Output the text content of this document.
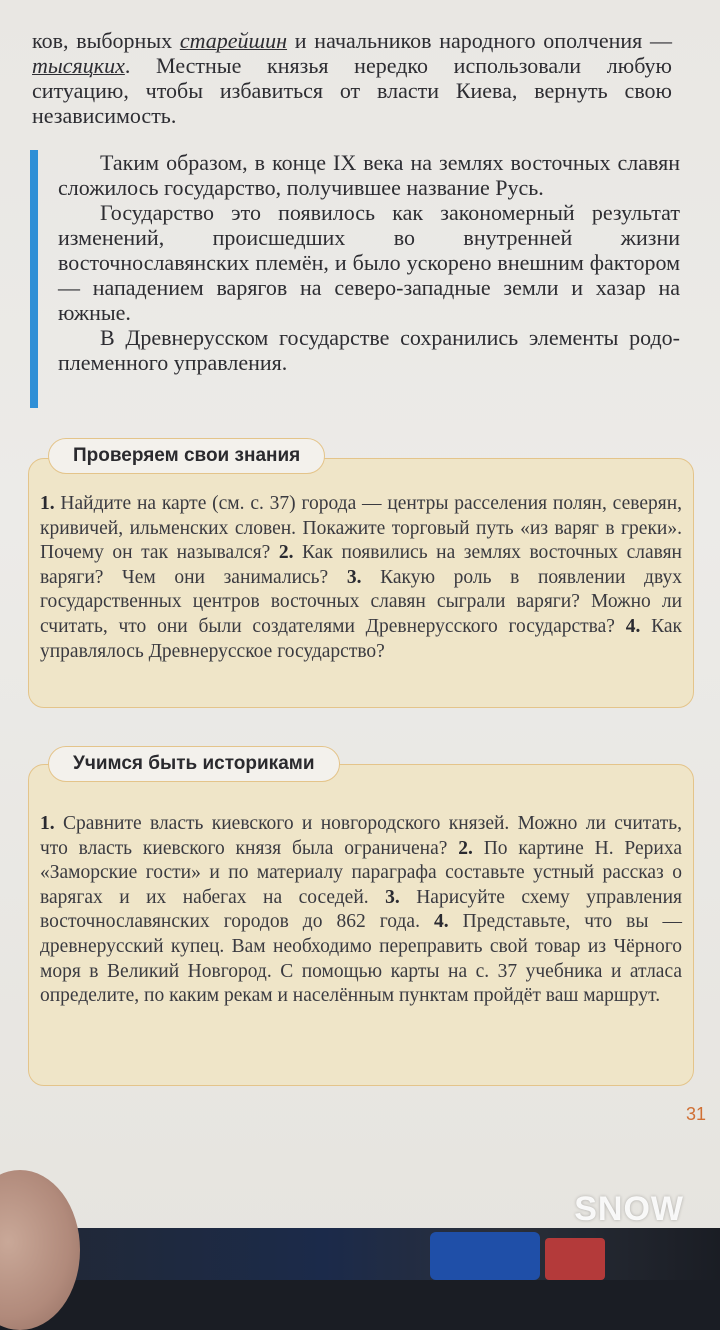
ков, выборных старейшин и начальников народного ополчения — тысяцких. Местные князья нередко использовали любую ситуацию, чтобы избавиться от власти Киева, вернуть свою независимость.

Таким образом, в конце IX века на землях восточных славян сложилось государство, получившее название Русь.

Государство это появилось как закономерный результат изменений, происшедших во внутренней жизни восточнославянских племён, и было ускорено внешним фактором — нападением варягов на северо-западные земли и хазар на южные.

В Древнерусском государстве сохранились элементы родо-племенного управления.

Проверяем свои знания
1. Найдите на карте (см. с. 37) города — центры расселения полян, северян, кривичей, ильменских словен. Покажите торговый путь «из варяг в греки». Почему он так назывался? 2. Как появились на землях восточных славян варяги? Чем они занимались? 3. Какую роль в появлении двух государственных центров восточных славян сыграли варяги? Можно ли считать, что они были создателями Древнерусского государства? 4. Как управлялось Древнерусское государство?
Учимся быть историками
1. Сравните власть киевского и новгородского князей. Можно ли считать, что власть киевского князя была ограничена? 2. По картине Н. Рериха «Заморские гости» и по материалу параграфа составьте устный рассказ о варягах и их набегах на соседей. 3. Нарисуйте схему управления восточнославянских городов до 862 года. 4. Представьте, что вы — древнерусский купец. Вам необходимо переправить свой товар из Чёрного моря в Великий Новгород. С помощью карты на с. 37 учебника и атласа определите, по каким рекам и населённым пунктам пройдёт ваш маршрут.
31
SNOW
